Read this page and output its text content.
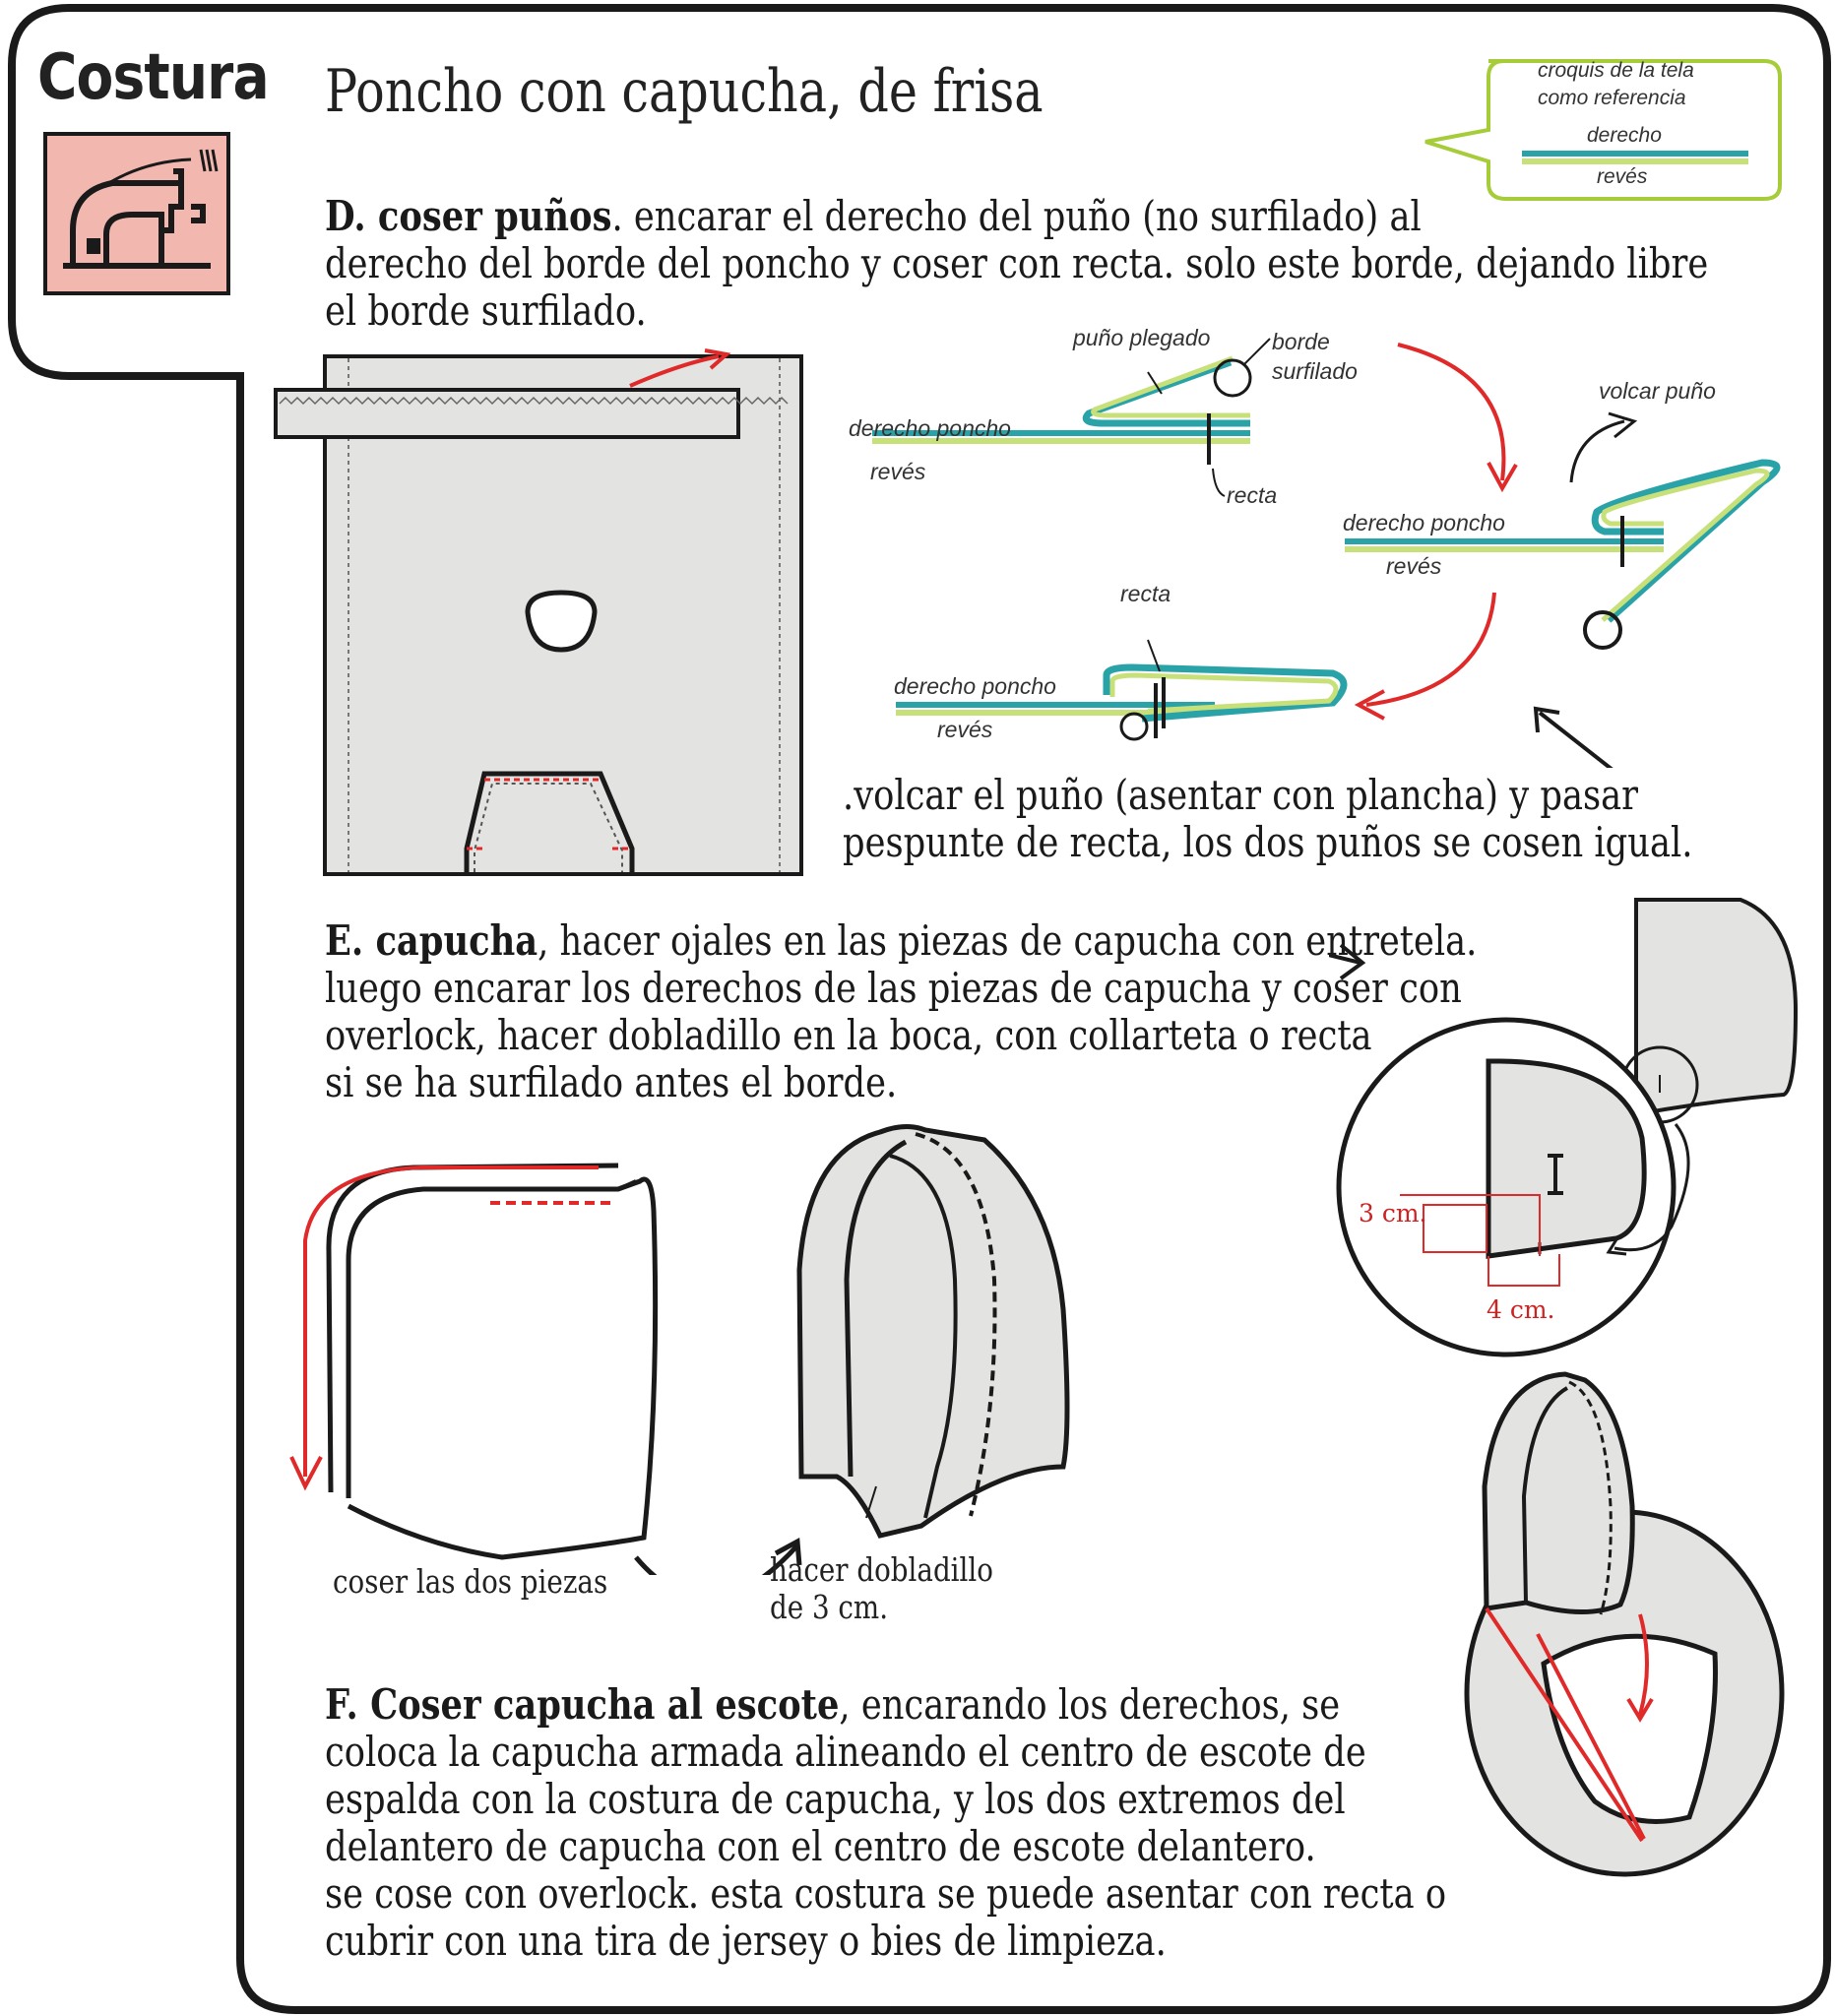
Costura Poncho con capucha, de frisa	croquis de la tela
como referencia
derecho
revés
D. coser puños. encarar el derecho del puño (no surfilado) al
derecho del borde del poncho y coser con recta. solo este borde, dejando libre
el borde surfilado.
puño plegado	borde
surfilado
derecho poncho
revés
recta
volcar puño
derecho poncho
revés
recta
derecho poncho
revés
.volcar el puño (asentar con plancha) y pasar
pespunte de recta, los dos puños se cosen igual.
E. capucha, hacer ojales en las piezas de capucha con entretela.
luego encarar los derechos de las piezas de capucha y coser con
overlock, hacer dobladillo en la boca, con collarteta o recta
si se ha surfilado antes el borde.
coser las dos piezas	hacer dobladillo
de 3 cm.
3 cm.
4 cm.
F. Coser capucha al escote, encarando los derechos, se
coloca la capucha armada alineando el centro de escote de
espalda con la costura de capucha, y los dos extremos del
delantero de capucha con el centro de escote delantero.
se cose con overlock. esta costura se puede asentar con recta o
cubrir con una tira de jersey o bies de limpieza.
